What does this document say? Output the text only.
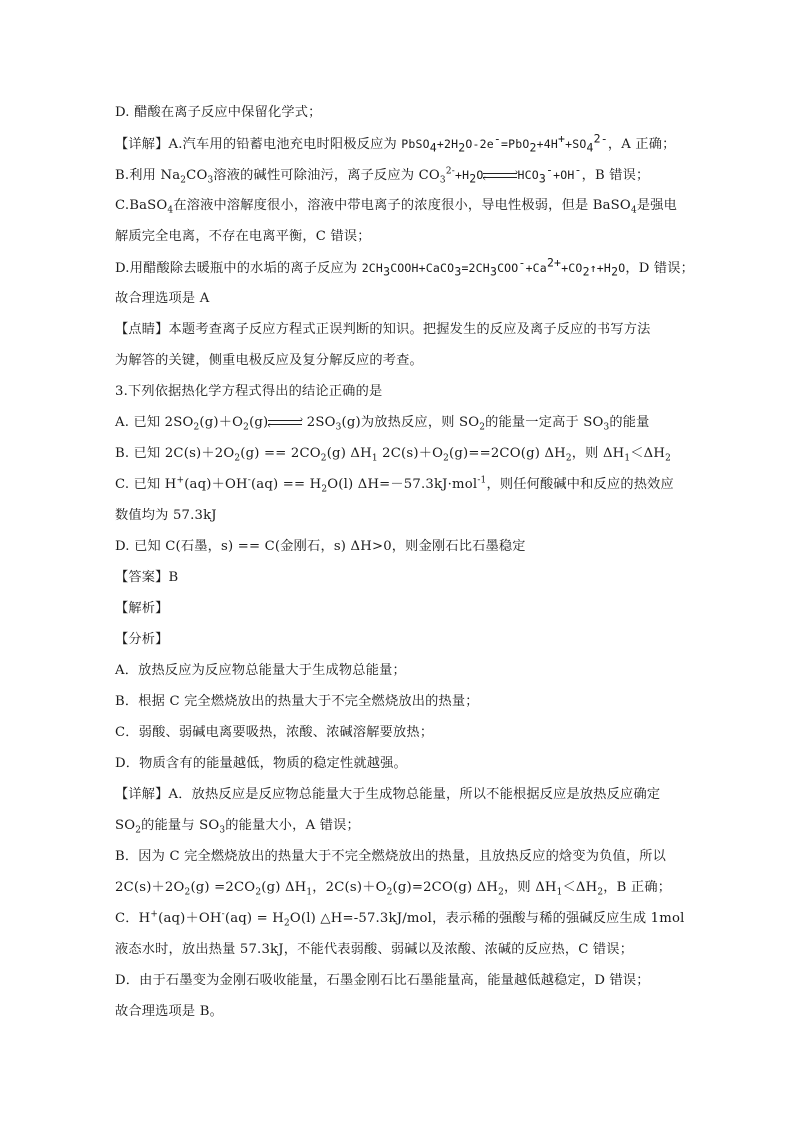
D. 醋酸在离子反应中保留化学式；
【详解】A.汽车用的铅蓄电池充电时阳极反应为 $PbSO_4+2H_2O-2e^-=PbO_2+4H^++SO_4^{2-}$，A 正确；
B.利用 $Na_2CO_3$溶液的碱性可除油污，离子反应为 $CO_3^{2-}+H_2O$	›
‹	$HCO_3^-+OH^-$，B 错误；
C.BaSO$_4$在溶液中溶解度很小，溶液中带电离子的浓度很小，导电性极弱，但是 BaSO$_4$是强电
解质完全电离，不存在电离平衡，C 错误；
D.用醋酸除去暖瓶中的水垢的离子反应为 $2CH_3COOH+CaCO_3=2CH_3COO^-+Ca^{2+}+CO_2↑+H_2O$，D 错误；
故合理选项是 A
【点睛】本题考查离子反应方程式正误判断的知识。把握发生的反应及离子反应的书写方法
为解答的关键，侧重电极反应及复分解反应的考查。
3.下列依据热化学方程式得出的结论正确的是
A. 已知 $2SO_2(g)+O_2(g)$	›
‹ $2SO_3(g)$为放热反应，则 $SO_2$的能量一定高于 $SO_3$的能量
B. 已知 $2C(s)+2O_2(g) == 2CO_2(g)$ $\Delta H_1$ $2C(s)+O_2(g)==2CO(g)$ $\Delta H_2$，则 $\Delta H_1<\Delta H_2$
C. 已知 $H^+(aq)+OH^-(aq) == H_2O(l)$ ΔH=－57.3kJ·mol$^{-1}$，则任何酸碱中和反应的热效应
数值均为 57.3kJ
D. 已知 C(石墨，s) == C(金刚石，s) ΔH>0，则金刚石比石墨稳定
【答案】B
【解析】
【分析】
A．放热反应为反应物总能量大于生成物总能量；
B．根据 C 完全燃烧放出的热量大于不完全燃烧放出的热量；
C．弱酸、弱碱电离要吸热，浓酸、浓碱溶解要放热；
D．物质含有的能量越低，物质的稳定性就越强。
【详解】A．放热反应是反应物总能量大于生成物总能量，所以不能根据反应是放热反应确定
$SO_2$的能量与 $SO_3$的能量大小，A 错误；
B．因为 C 完全燃烧放出的热量大于不完全燃烧放出的热量，且放热反应的焓变为负值，所以
$2C(s)+2O_2(g) =2CO_2(g)$ $\Delta H_1$，$2C(s)+O_2(g)=2CO(g)$ $\Delta H_2$，则 $\Delta H_1<\Delta H_2$，B 正确；
C．$H^+(aq)+OH^-(aq) = H_2O(l)$ △H=-57.3kJ/mol，表示稀的强酸与稀的强碱反应生成 1mol
液态水时，放出热量 57.3kJ，不能代表弱酸、弱碱以及浓酸、浓碱的反应热，C 错误；
D．由于石墨变为金刚石吸收能量，石墨金刚石比石墨能量高，能量越低越稳定，D 错误；
故合理选项是 B。
